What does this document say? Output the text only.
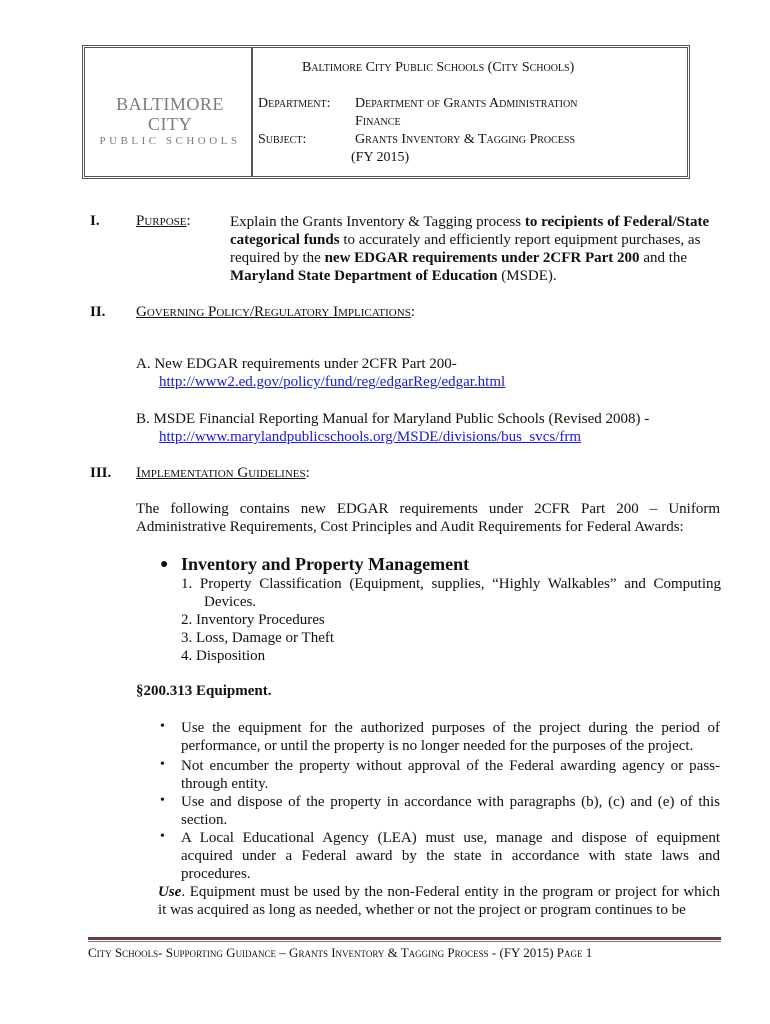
BALTIMORE CITY
PUBLIC SCHOOLS
Baltimore City Public Schools (City Schools)
Department: Department of Grants Administration
Finance
Subject:	Grants Inventory & Tagging Process
(FY 2015)
I. Purpose:	Explain the Grants Inventory & Tagging process to recipients of Federal/State
categorical funds to accurately and efficiently report equipment purchases, as
required by the new EDGAR requirements under 2CFR Part 200 and the
Maryland State Department of Education (MSDE).
II. Governing Policy/Regulatory Implications:
A. New EDGAR requirements under 2CFR Part 200-
http://www2.ed.gov/policy/fund/reg/edgarReg/edgar.html
B. MSDE Financial Reporting Manual for Maryland Public Schools (Revised 2008) -
http://www.marylandpublicschools.org/MSDE/divisions/bus_svcs/frm
III. Implementation Guidelines:
The following contains new EDGAR requirements under 2CFR Part 200 – Uniform
Administrative Requirements, Cost Principles and Audit Requirements for Federal Awards:
● Inventory and Property Management
1. Property Classification (Equipment, supplies, “Highly Walkables” and Computing
Devices.
2. Inventory Procedures
3. Loss, Damage or Theft
4. Disposition
§200.313 Equipment.
• Use the equipment for the authorized purposes of the project during the period of
performance, or until the property is no longer needed for the purposes of the project.
• Not encumber the property without approval of the Federal awarding agency or pass-
through entity.
• Use and dispose of the property in accordance with paragraphs (b), (c) and (e) of this
section.
• A Local Educational Agency (LEA) must use, manage and dispose of equipment
acquired under a Federal award by the state in accordance with state laws and
procedures.
Use. Equipment must be used by the non-Federal entity in the program or project for which
it was acquired as long as needed, whether or not the project or program continues to be
City Schools- Supporting Guidance – Grants Inventory & Tagging Process - (FY 2015) Page 1
